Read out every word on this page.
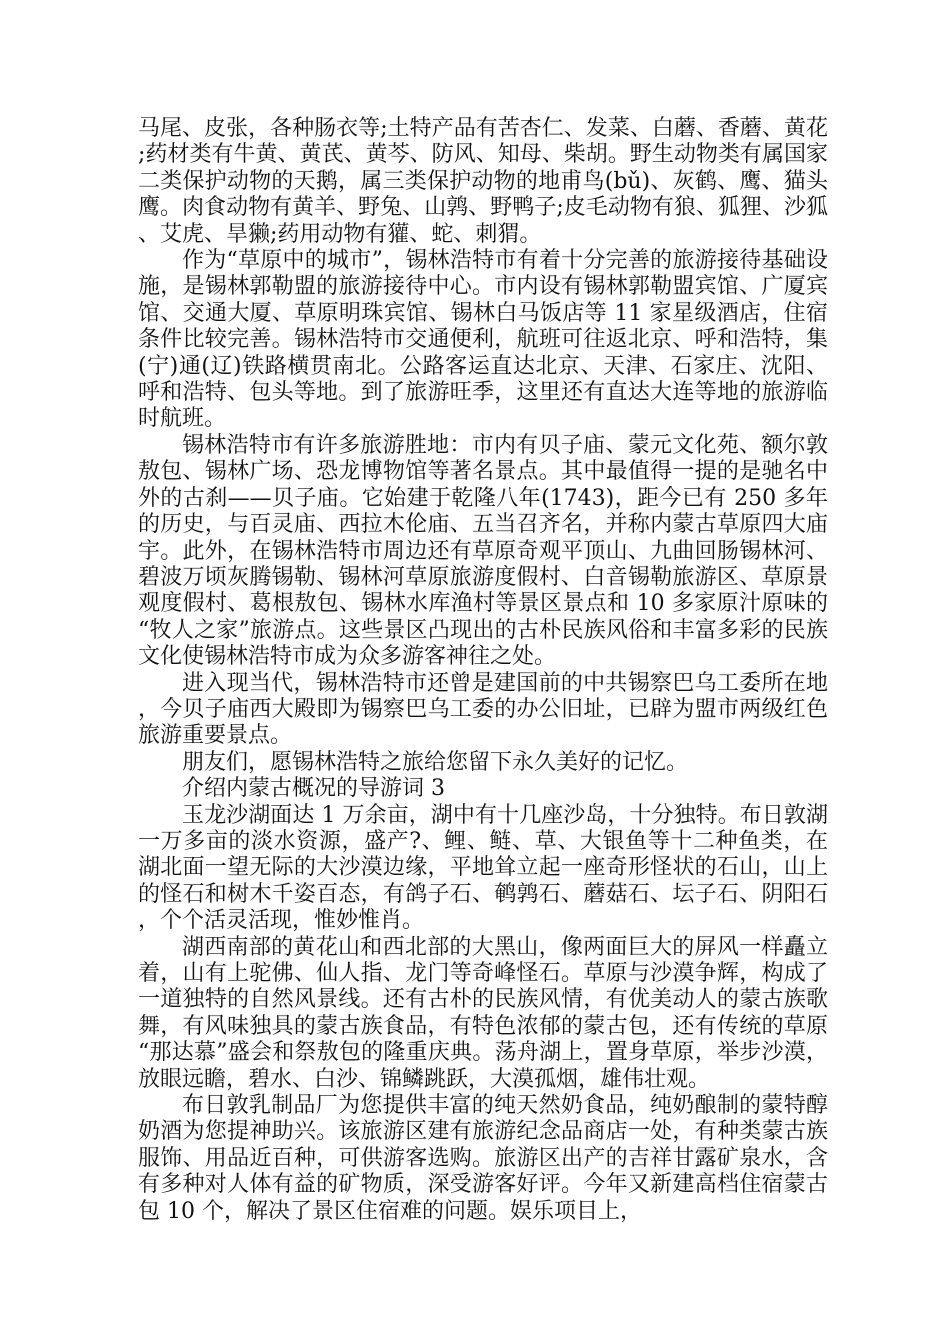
马尾、皮张，各种肠衣等;土特产品有苦杏仁、发菜、白蘑、香蘑、黄花;药材类有牛黄、黄芪、黄芩、防风、知母、柴胡。野生动物类有属国家二类保护动物的天鹅，属三类保护动物的地甫鸟(bǔ)、灰鹤、鹰、猫头鹰。肉食动物有黄羊、野兔、山鹑、野鸭子;皮毛动物有狼、狐狸、沙狐、艾虎、旱獭;药用动物有獾、蛇、刺猬。

作为“草原中的城市”，锡林浩特市有着十分完善的旅游接待基础设施，是锡林郭勒盟的旅游接待中心。市内设有锡林郭勒盟宾馆、广厦宾馆、交通大厦、草原明珠宾馆、锡林白马饭店等 11 家星级酒店，住宿条件比较完善。锡林浩特市交通便利，航班可往返北京、呼和浩特，集(宁)通(辽)铁路横贯南北。公路客运直达北京、天津、石家庄、沈阳、呼和浩特、包头等地。到了旅游旺季，这里还有直达大连等地的旅游临时航班。

锡林浩特市有许多旅游胜地：市内有贝子庙、蒙元文化苑、额尔敦敖包、锡林广场、恐龙博物馆等著名景点。其中最值得一提的是驰名中外的古刹——贝子庙。它始建于乾隆八年(1743)，距今已有 250 多年的历史，与百灵庙、西拉木伦庙、五当召齐名，并称内蒙古草原四大庙宇。此外，在锡林浩特市周边还有草原奇观平顶山、九曲回肠锡林河、碧波万顷灰腾锡勒、锡林河草原旅游度假村、白音锡勒旅游区、草原景观度假村、葛根敖包、锡林水库渔村等景区景点和 10 多家原汁原味的“牧人之家”旅游点。这些景区凸现出的古朴民族风俗和丰富多彩的民族文化使锡林浩特市成为众多游客神往之处。

进入现当代，锡林浩特市还曾是建国前的中共锡察巴乌工委所在地，今贝子庙西大殿即为锡察巴乌工委的办公旧址，已辟为盟市两级红色旅游重要景点。

朋友们，愿锡林浩特之旅给您留下永久美好的记忆。

介绍内蒙古概况的导游词 3

玉龙沙湖面达 1 万余亩，湖中有十几座沙岛，十分独特。布日敦湖一万多亩的淡水资源，盛产?、鲤、鲢、草、大银鱼等十二种鱼类，在湖北面一望无际的大沙漠边缘，平地耸立起一座奇形怪状的石山，山上的怪石和树木千姿百态，有鸽子石、鹌鹑石、蘑菇石、坛子石、阴阳石，个个活灵活现，惟妙惟肖。

湖西南部的黄花山和西北部的大黑山，像两面巨大的屏风一样矗立着，山有上驼佛、仙人指、龙门等奇峰怪石。草原与沙漠争辉，构成了一道独特的自然风景线。还有古朴的民族风情，有优美动人的蒙古族歌舞，有风味独具的蒙古族食品，有特色浓郁的蒙古包，还有传统的草原“那达慕”盛会和祭敖包的隆重庆典。荡舟湖上，置身草原，举步沙漠，放眼远瞻，碧水、白沙、锦鳞跳跃，大漠孤烟，雄伟壮观。

布日敦乳制品厂为您提供丰富的纯天然奶食品，纯奶酿制的蒙特醇奶酒为您提神助兴。该旅游区建有旅游纪念品商店一处，有种类蒙古族服饰、用品近百种，可供游客选购。旅游区出产的吉祥甘露矿泉水，含有多种对人体有益的矿物质，深受游客好评。今年又新建高档住宿蒙古包 10 个，解决了景区住宿难的问题。娱乐项目上，
